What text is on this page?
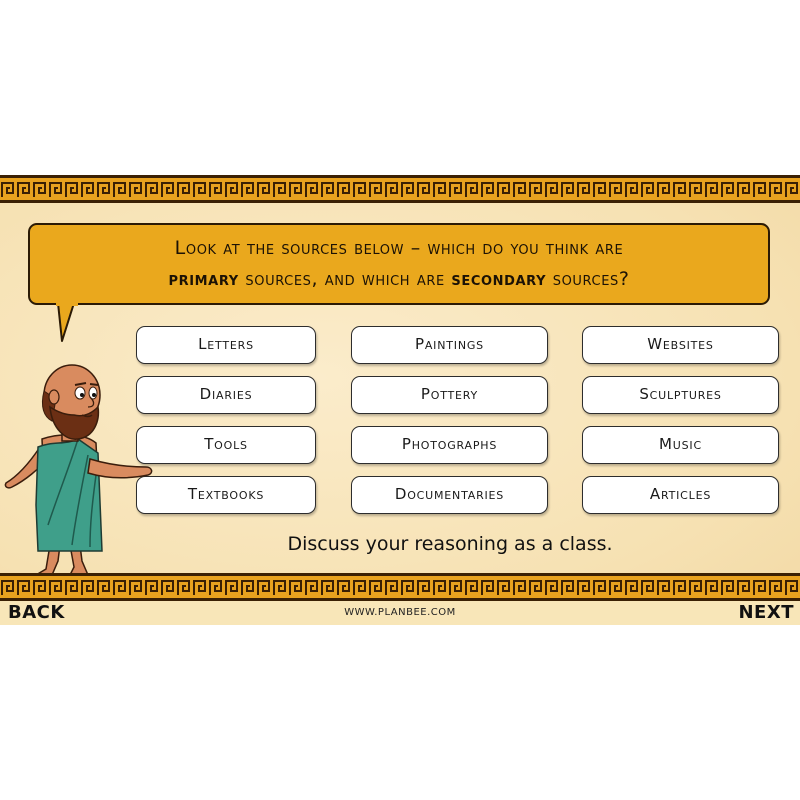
Look at the sources below – which do you think are
primary sources, and which are secondary sources?
Letters	Paintings	Websites
Diaries	Pottery	Sculptures
Tools	Photographs	Music
Textbooks	Documentaries	Articles
Discuss your reasoning as a class.
BACK	WWW.PLANBEE.COM	NEXT
